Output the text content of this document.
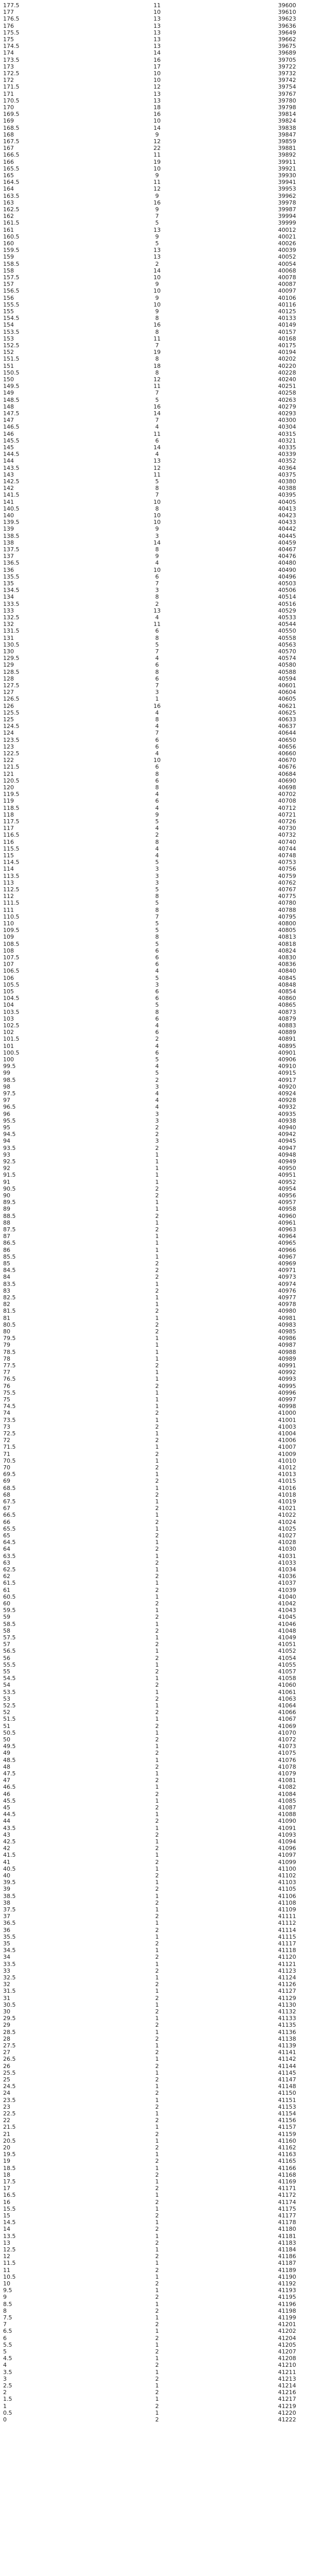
177.5	11	39600
177	10	39610
176.5	13	39623
176	13	39636
175.5	13	39649
175	13	39662
174.5	13	39675
174	14	39689
173.5	16	39705
173	17	39722
172.5	10	39732
172	10	39742
171.5	12	39754
171	13	39767
170.5	13	39780
170	18	39798
169.5	16	39814
169	10	39824
168.5	14	39838
168	9	39847
167.5	12	39859
167	22	39881
166.5	11	39892
166	19	39911
165.5	10	39921
165	9	39930
164.5	11	39941
164	12	39953
163.5	9	39962
163	16	39978
162.5	9	39987
162	7	39994
161.5	5	39999
161	13	40012
160.5	9	40021
160	5	40026
159.5	13	40039
159	13	40052
158.5	2	40054
158	14	40068
157.5	10	40078
157	9	40087
156.5	10	40097
156	9	40106
155.5	10	40116
155	9	40125
154.5	8	40133
154	16	40149
153.5	8	40157
153	11	40168
152.5	7	40175
152	19	40194
151.5	8	40202
151	18	40220
150.5	8	40228
150	12	40240
149.5	11	40251
149	7	40258
148.5	5	40263
148	16	40279
147.5	14	40293
147	7	40300
146.5	4	40304
146	11	40315
145.5	6	40321
145	14	40335
144.5	4	40339
144	13	40352
143.5	12	40364
143	11	40375
142.5	5	40380
142	8	40388
141.5	7	40395
141	10	40405
140.5	8	40413
140	10	40423
139.5	10	40433
139	9	40442
138.5	3	40445
138	14	40459
137.5	8	40467
137	9	40476
136.5	4	40480
136	10	40490
135.5	6	40496
135	7	40503
134.5	3	40506
134	8	40514
133.5	2	40516
133	13	40529
132.5	4	40533
132	11	40544
131.5	6	40550
131	8	40558
130.5	5	40563
130	7	40570
129.5	4	40574
129	6	40580
128.5	8	40588
128	6	40594
127.5	7	40601
127	3	40604
126.5	1	40605
126	16	40621
125.5	4	40625
125	8	40633
124.5	4	40637
124	7	40644
123.5	6	40650
123	6	40656
122.5	4	40660
122	10	40670
121.5	6	40676
121	8	40684
120.5	6	40690
120	8	40698
119.5	4	40702
119	6	40708
118.5	4	40712
118	9	40721
117.5	5	40726
117	4	40730
116.5	2	40732
116	8	40740
115.5	4	40744
115	4	40748
114.5	5	40753
114	3	40756
113.5	3	40759
113	3	40762
112.5	5	40767
112	8	40775
111.5	5	40780
111	8	40788
110.5	7	40795
110	5	40800
109.5	5	40805
109	8	40813
108.5	5	40818
108	6	40824
107.5	6	40830
107	6	40836
106.5	4	40840
106	5	40845
105.5	3	40848
105	6	40854
104.5	6	40860
104	5	40865
103.5	8	40873
103	6	40879
102.5	4	40883
102	6	40889
101.5	2	40891
101	4	40895
100.5	6	40901
100	5	40906
99.5	4	40910
99	5	40915
98.5	2	40917
98	3	40920
97.5	4	40924
97	4	40928
96.5	4	40932
96	3	40935
95.5	3	40938
95	2	40940
94.5	2	40942
94	3	40945
93.5	2	40947
93	1	40948
92.5	1	40949
92	1	40950
91.5	1	40951
91	1	40952
90.5	2	40954
90	2	40956
89.5	1	40957
89	1	40958
88.5	2	40960
88	1	40961
87.5	2	40963
87	1	40964
86.5	1	40965
86	1	40966
85.5	1	40967
85	2	40969
84.5	2	40971
84	2	40973
83.5	1	40974
83	2	40976
82.5	1	40977
82	1	40978
81.5	2	40980
81	1	40981
80.5	2	40983
80	2	40985
79.5	1	40986
79	1	40987
78.5	1	40988
78	1	40989
77.5	2	40991
77	1	40992
76.5	1	40993
76	2	40995
75.5	1	40996
75	1	40997
74.5	1	40998
74	2	41000
73.5	1	41001
73	2	41003
72.5	1	41004
72	2	41006
71.5	1	41007
71	2	41009
70.5	1	41010
70	2	41012
69.5	1	41013
69	2	41015
68.5	1	41016
68	2	41018
67.5	1	41019
67	2	41021
66.5	1	41022
66	2	41024
65.5	1	41025
65	2	41027
64.5	1	41028
64	2	41030
63.5	1	41031
63	2	41033
62.5	1	41034
62	2	41036
61.5	1	41037
61	2	41039
60.5	1	41040
60	2	41042
59.5	1	41043
59	2	41045
58.5	1	41046
58	2	41048
57.5	1	41049
57	2	41051
56.5	1	41052
56	2	41054
55.5	1	41055
55	2	41057
54.5	1	41058
54	2	41060
53.5	1	41061
53	2	41063
52.5	1	41064
52	2	41066
51.5	1	41067
51	2	41069
50.5	1	41070
50	2	41072
49.5	1	41073
49	2	41075
48.5	1	41076
48	2	41078
47.5	1	41079
47	2	41081
46.5	1	41082
46	2	41084
45.5	1	41085
45	2	41087
44.5	1	41088
44	2	41090
43.5	1	41091
43	2	41093
42.5	1	41094
42	2	41096
41.5	1	41097
41	2	41099
40.5	1	41100
40	2	41102
39.5	1	41103
39	2	41105
38.5	1	41106
38	2	41108
37.5	1	41109
37	2	41111
36.5	1	41112
36	2	41114
35.5	1	41115
35	2	41117
34.5	1	41118
34	2	41120
33.5	1	41121
33	2	41123
32.5	1	41124
32	2	41126
31.5	1	41127
31	2	41129
30.5	1	41130
30	2	41132
29.5	1	41133
29	2	41135
28.5	1	41136
28	2	41138
27.5	1	41139
27	2	41141
26.5	1	41142
26	2	41144
25.5	1	41145
25	2	41147
24.5	1	41148
24	2	41150
23.5	1	41151
23	2	41153
22.5	1	41154
22	2	41156
21.5	1	41157
21	2	41159
20.5	1	41160
20	2	41162
19.5	1	41163
19	2	41165
18.5	1	41166
18	2	41168
17.5	1	41169
17	2	41171
16.5	1	41172
16	2	41174
15.5	1	41175
15	2	41177
14.5	1	41178
14	2	41180
13.5	1	41181
13	2	41183
12.5	1	41184
12	2	41186
11.5	1	41187
11	2	41189
10.5	1	41190
10	2	41192
9.5	1	41193
9	2	41195
8.5	1	41196
8	2	41198
7.5	1	41199
7	2	41201
6.5	1	41202
6	2	41204
5.5	1	41205
5	2	41207
4.5	1	41208
4	2	41210
3.5	1	41211
3	2	41213
2.5	1	41214
2	2	41216
1.5	1	41217
1	2	41219
0.5	1	41220
0	2	41222
